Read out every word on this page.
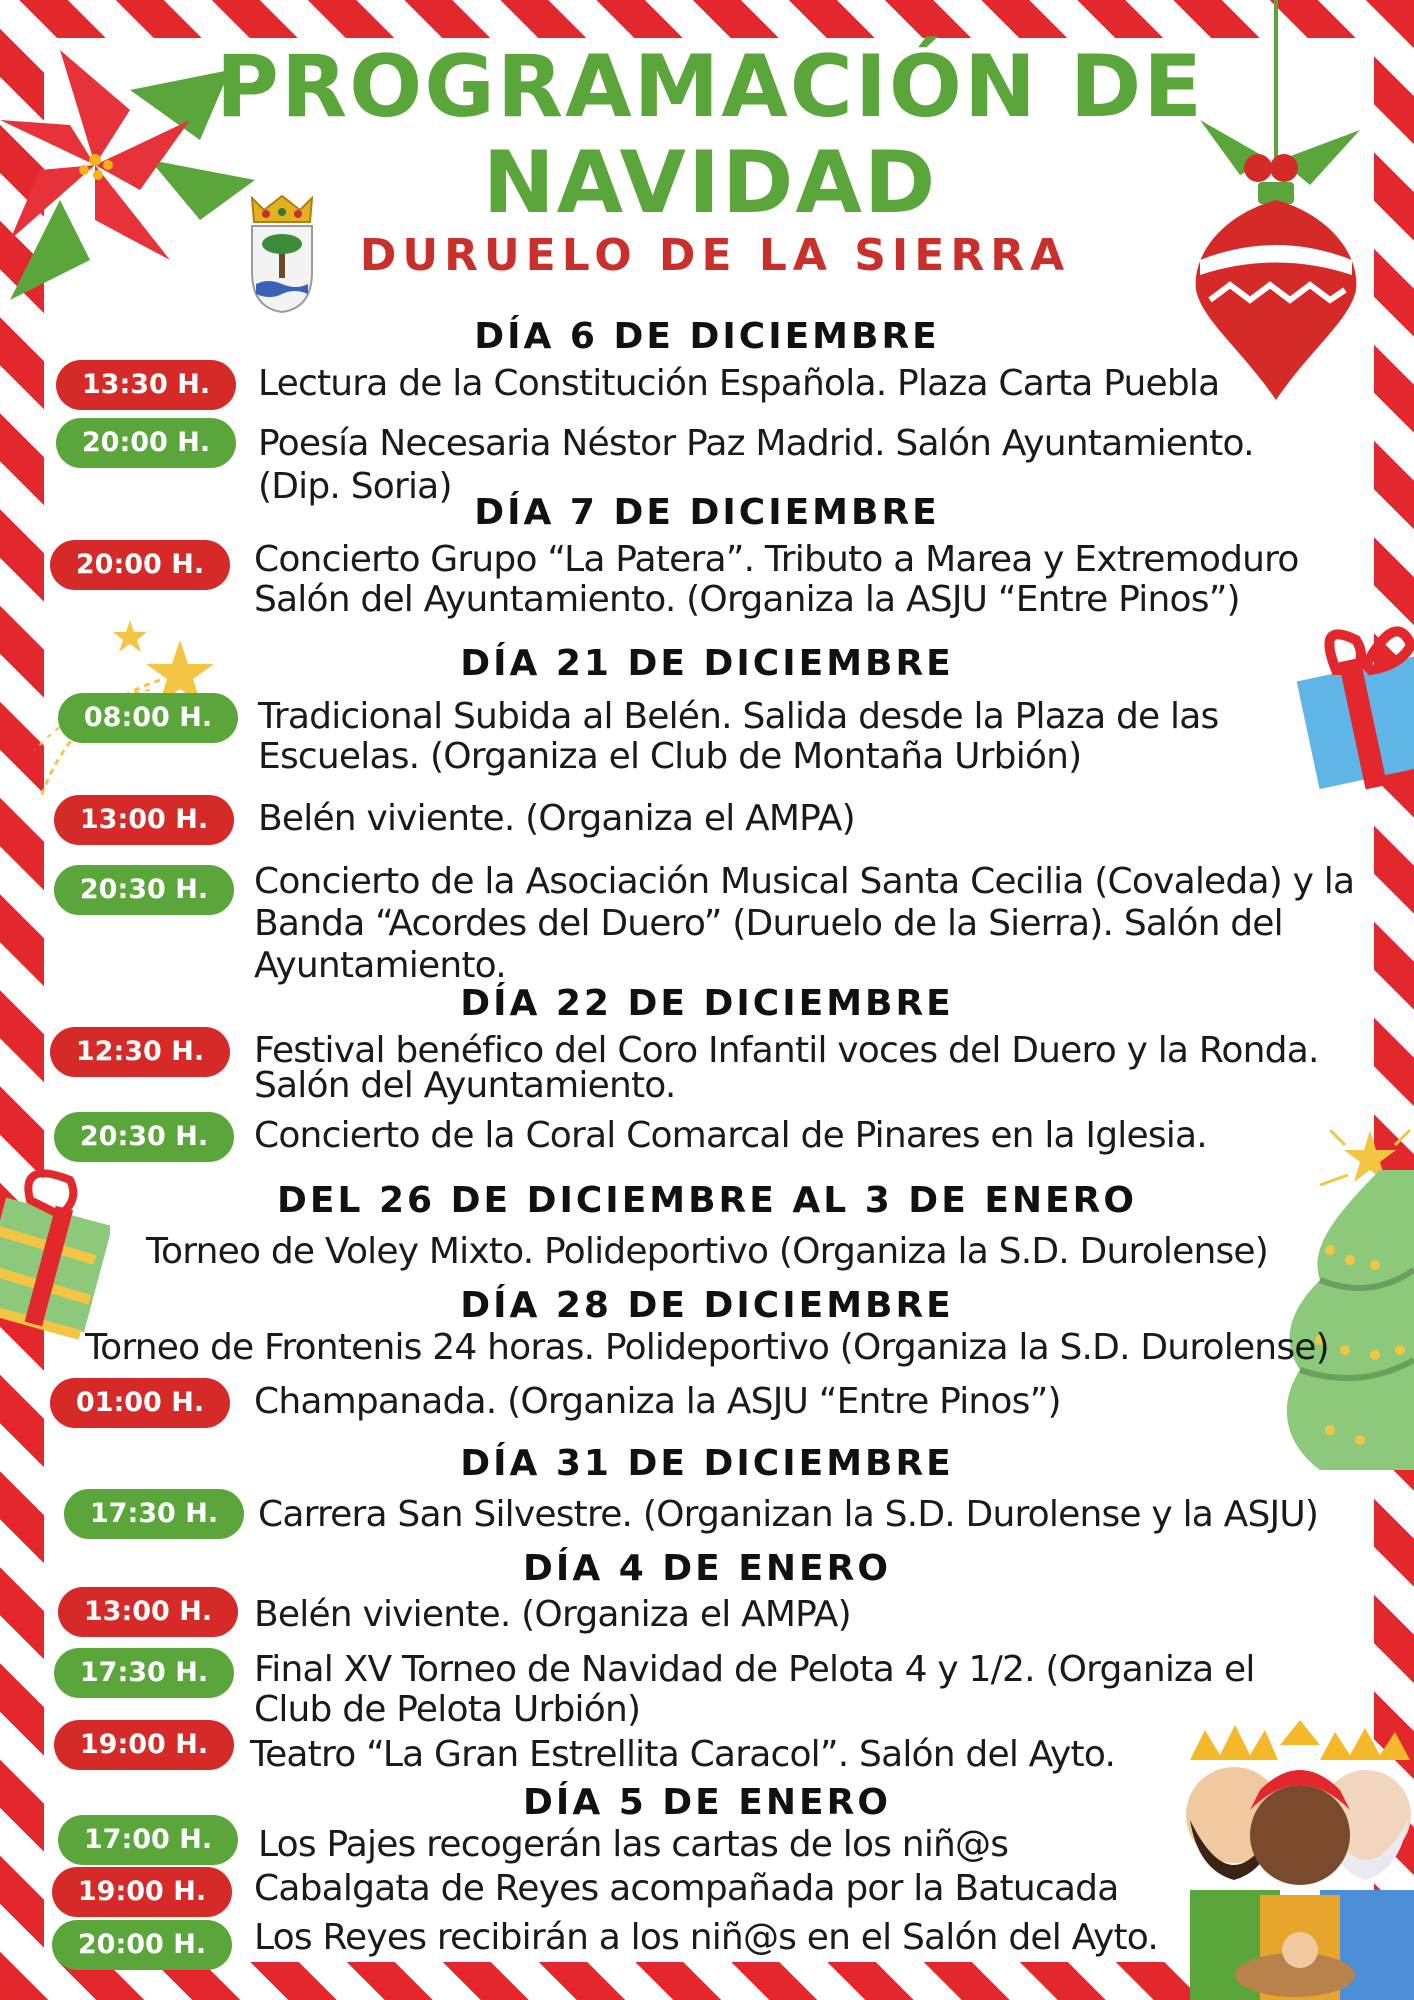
PROGRAMACIÓN DE
NAVIDAD
DURUELO DE LA SIERRA
DÍA 6 DE DICIEMBRE
13:30 H.	Lectura de la Constitución Española. Plaza Carta Puebla
20:00 H.	Poesía Necesaria Néstor Paz Madrid. Salón Ayuntamiento.
(Dip. Soria)
DÍA 7 DE DICIEMBRE
20:00 H.	Concierto Grupo “La Patera”. Tributo a Marea y Extremoduro
Salón del Ayuntamiento. (Organiza la ASJU “Entre Pinos”)
DÍA 21 DE DICIEMBRE
08:00 H.	Tradicional Subida al Belén. Salida desde la Plaza de las
Escuelas. (Organiza el Club de Montaña Urbión)
13:00 H.	Belén viviente. (Organiza el AMPA)
20:30 H.	Concierto de la Asociación Musical Santa Cecilia (Covaleda) y la
Banda “Acordes del Duero” (Duruelo de la Sierra). Salón del
Ayuntamiento.
DÍA 22 DE DICIEMBRE
12:30 H.	Festival benéfico del Coro Infantil voces del Duero y la Ronda.
Salón del Ayuntamiento.
20:30 H.	Concierto de la Coral Comarcal de Pinares en la Iglesia.
DEL 26 DE DICIEMBRE AL 3 DE ENERO
Torneo de Voley Mixto. Polideportivo (Organiza la S.D. Durolense)
DÍA 28 DE DICIEMBRE
Torneo de Frontenis 24 horas. Polideportivo (Organiza la S.D. Durolense)
01:00 H.	Champanada. (Organiza la ASJU “Entre Pinos”)
DÍA 31 DE DICIEMBRE
17:30 H.	Carrera San Silvestre. (Organizan la S.D. Durolense y la ASJU)
DÍA 4 DE ENERO
13:00 H.	Belén viviente. (Organiza el AMPA)
17:30 H.	Final XV Torneo de Navidad de Pelota 4 y 1/2. (Organiza el
Club de Pelota Urbión)
19:00 H.	Teatro “La Gran Estrellita Caracol”. Salón del Ayto.
DÍA 5 DE ENERO
17:00 H.	Los Pajes recogerán las cartas de los niñ@s
19:00 H.	Cabalgata de Reyes acompañada por la Batucada
20:00 H.	Los Reyes recibirán a los niñ@s en el Salón del Ayto.
